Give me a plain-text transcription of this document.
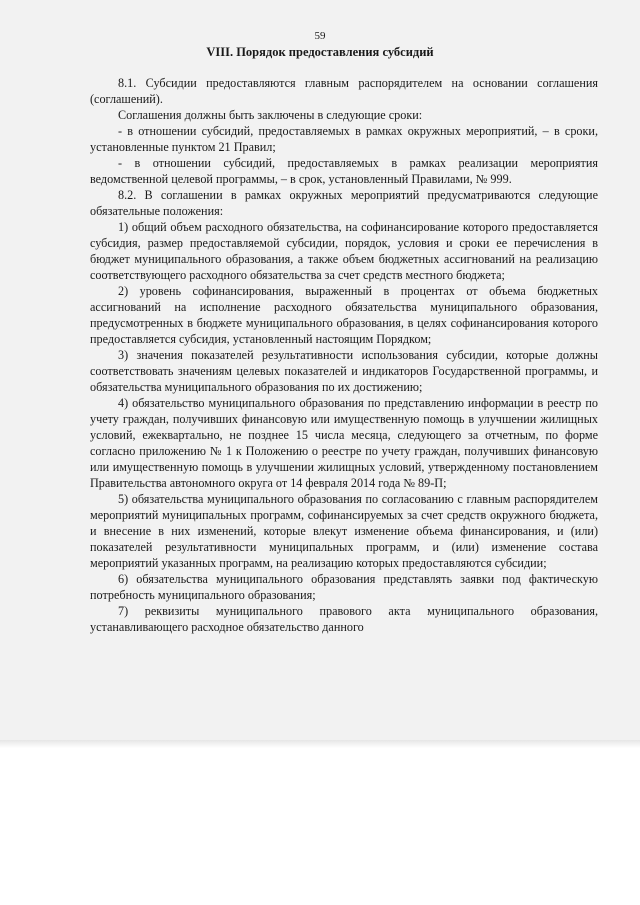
59
VIII. Порядок предоставления субсидий

8.1. Субсидии предоставляются главным распорядителем на основании соглашения (соглашений).

Соглашения должны быть заключены в следующие сроки:

- в отношении субсидий, предоставляемых в рамках окружных мероприятий, – в сроки, установленные пунктом 21 Правил;

- в отношении субсидий, предоставляемых в рамках реализации мероприятия ведомственной целевой программы, – в срок, установленный Правилами, № 999.

8.2. В соглашении в рамках окружных мероприятий предусматриваются следующие обязательные положения:

1) общий объем расходного обязательства, на софинансирование которого предоставляется субсидия, размер предоставляемой субсидии, порядок, условия и сроки ее перечисления в бюджет муниципального образования, а также объем бюджетных ассигнований на реализацию соответствующего расходного обязательства за счет средств местного бюджета;

2) уровень софинансирования, выраженный в процентах от объема бюджетных ассигнований на исполнение расходного обязательства муниципального образования, предусмотренных в бюджете муниципального образования, в целях софинансирования которого предоставляется субсидия, установленный настоящим Порядком;

3) значения показателей результативности использования субсидии, которые должны соответствовать значениям целевых показателей и индикаторов Государственной программы, и обязательства муниципального образования по их достижению;

4) обязательство муниципального образования по представлению информации в реестр по учету граждан, получивших финансовую или имущественную помощь в улучшении жилищных условий, ежеквартально, не позднее 15 числа месяца, следующего за отчетным, по форме согласно приложению № 1 к Положению о реестре по учету граждан, получивших финансовую или имущественную помощь в улучшении жилищных условий, утвержденному постановлением Правительства автономного округа от 14 февраля 2014 года № 89-П;

5) обязательства муниципального образования по согласованию с главным распорядителем мероприятий муниципальных программ, софинансируемых за счет средств окружного бюджета, и внесение в них изменений, которые влекут изменение объема финансирования, и (или) показателей результативности муниципальных программ, и (или) изменение состава мероприятий указанных программ, на реализацию которых предоставляются субсидии;

6) обязательства муниципального образования представлять заявки под фактическую потребность муниципального образования;

7) реквизиты муниципального правового акта муниципального образования, устанавливающего расходное обязательство данного
